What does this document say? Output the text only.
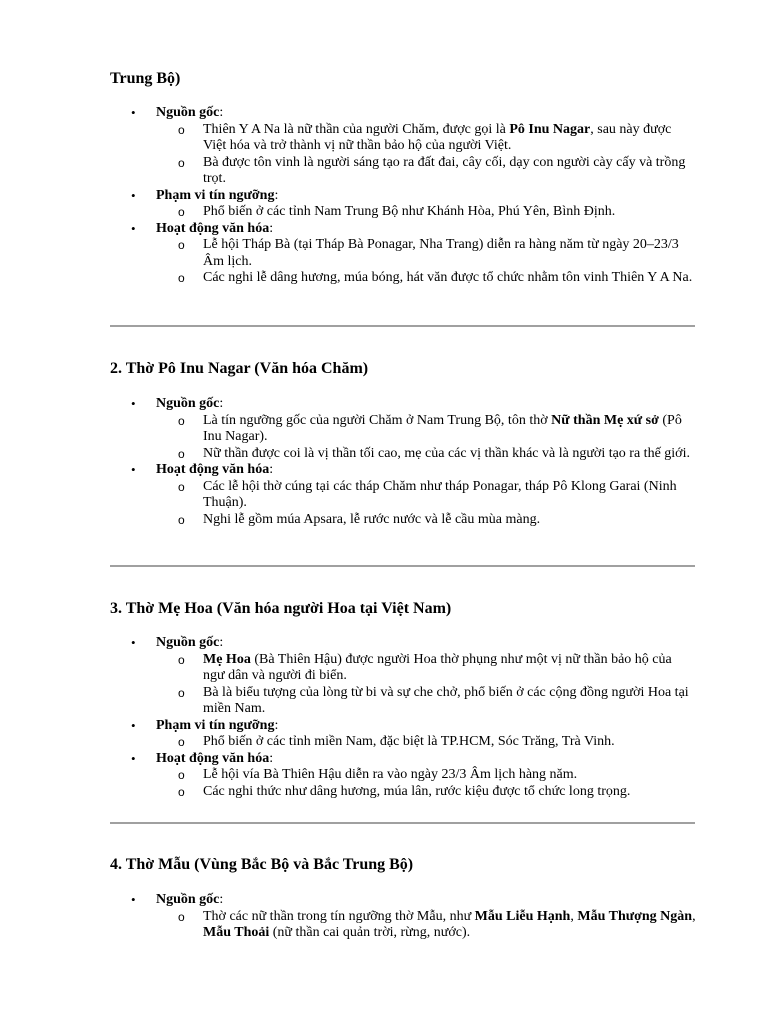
Trung Bộ)
• Nguồn gốc:
o Thiên Y A Na là nữ thần của người Chăm, được gọi là Pô Inu Nagar, sau này được Việt hóa và trở thành vị nữ thần bảo hộ của người Việt.
o Bà được tôn vinh là người sáng tạo ra đất đai, cây cối, dạy con người cày cấy và trồng trọt.
• Phạm vi tín ngưỡng:
o Phổ biến ở các tỉnh Nam Trung Bộ như Khánh Hòa, Phú Yên, Bình Định.
• Hoạt động văn hóa:
o Lễ hội Tháp Bà (tại Tháp Bà Ponagar, Nha Trang) diễn ra hàng năm từ ngày 20–23/3 Âm lịch.
o Các nghi lễ dâng hương, múa bóng, hát văn được tổ chức nhằm tôn vinh Thiên Y A Na.
2. Thờ Pô Inu Nagar (Văn hóa Chăm)
• Nguồn gốc:
o Là tín ngưỡng gốc của người Chăm ở Nam Trung Bộ, tôn thờ Nữ thần Mẹ xứ sở (Pô Inu Nagar).
o Nữ thần được coi là vị thần tối cao, mẹ của các vị thần khác và là người tạo ra thế giới.
• Hoạt động văn hóa:
o Các lễ hội thờ cúng tại các tháp Chăm như tháp Ponagar, tháp Pô Klong Garai (Ninh Thuận).
o Nghi lễ gồm múa Apsara, lễ rước nước và lễ cầu mùa màng.
3. Thờ Mẹ Hoa (Văn hóa người Hoa tại Việt Nam)
• Nguồn gốc:
o Mẹ Hoa (Bà Thiên Hậu) được người Hoa thờ phụng như một vị nữ thần bảo hộ của ngư dân và người đi biển.
o Bà là biểu tượng của lòng từ bi và sự che chở, phổ biến ở các cộng đồng người Hoa tại miền Nam.
• Phạm vi tín ngưỡng:
o Phổ biến ở các tỉnh miền Nam, đặc biệt là TP.HCM, Sóc Trăng, Trà Vinh.
• Hoạt động văn hóa:
o Lễ hội vía Bà Thiên Hậu diễn ra vào ngày 23/3 Âm lịch hàng năm.
o Các nghi thức như dâng hương, múa lân, rước kiệu được tổ chức long trọng.
4. Thờ Mẫu (Vùng Bắc Bộ và Bắc Trung Bộ)
• Nguồn gốc:
o Thờ các nữ thần trong tín ngưỡng thờ Mẫu, như Mẫu Liễu Hạnh, Mẫu Thượng Ngàn, Mẫu Thoải (nữ thần cai quản trời, rừng, nước).
